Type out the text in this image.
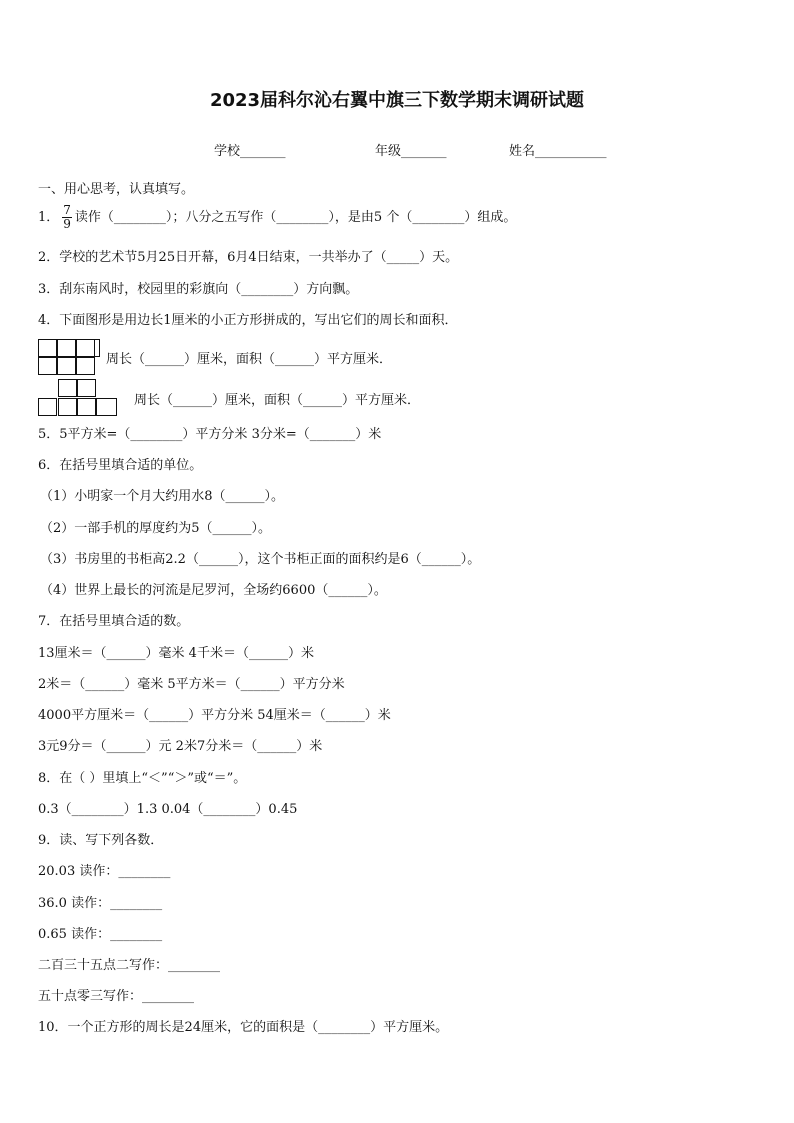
2023届科尔沁右翼中旗三下数学期末调研试题
学校_______	年级_______	姓名___________
一、用心思考，认真填写。
1． $\frac{7}{9}$ 读作（________）；八分之五写作（________），是由5 个（________）组成。
2．学校的艺术节5月25日开幕，6月4日结束，一共举办了（_____）天。
3．刮东南风时，校园里的彩旗向（________）方向飘。
4．下面图形是用边长1厘米的小正方形拼成的，写出它们的周长和面积．
周长（______）厘米，面积（______）平方厘米．
周长（______）厘米，面积（______）平方厘米．
5．5平方米=（________）平方分米 3分米=（_______）米
6．在括号里填合适的单位。
（1）小明家一个月大约用水8（______）。
（2）一部手机的厚度约为5（______）。
（3）书房里的书柜高2.2（______），这个书柜正面的面积约是6（______）。
（4）世界上最长的河流是尼罗河，全场约6600（______）。
7．在括号里填合适的数。
13厘米＝（______）毫米 4千米＝（______）米
2米＝（______）毫米 5平方米＝（______）平方分米
4000平方厘米＝（______）平方分米 54厘米＝（______）米
3元9分＝（______）元 2米7分米＝（______）米
8．在（ ）里填上“＜”“＞”或“＝”。
0.3（________）1.3 0.04（________）0.45
9．读、写下列各数．
20.03 读作：________
36.0 读作：________
0.65 读作：________
二百三十五点二写作：________
五十点零三写作：________
10．一个正方形的周长是24厘米，它的面积是（________）平方厘米。
